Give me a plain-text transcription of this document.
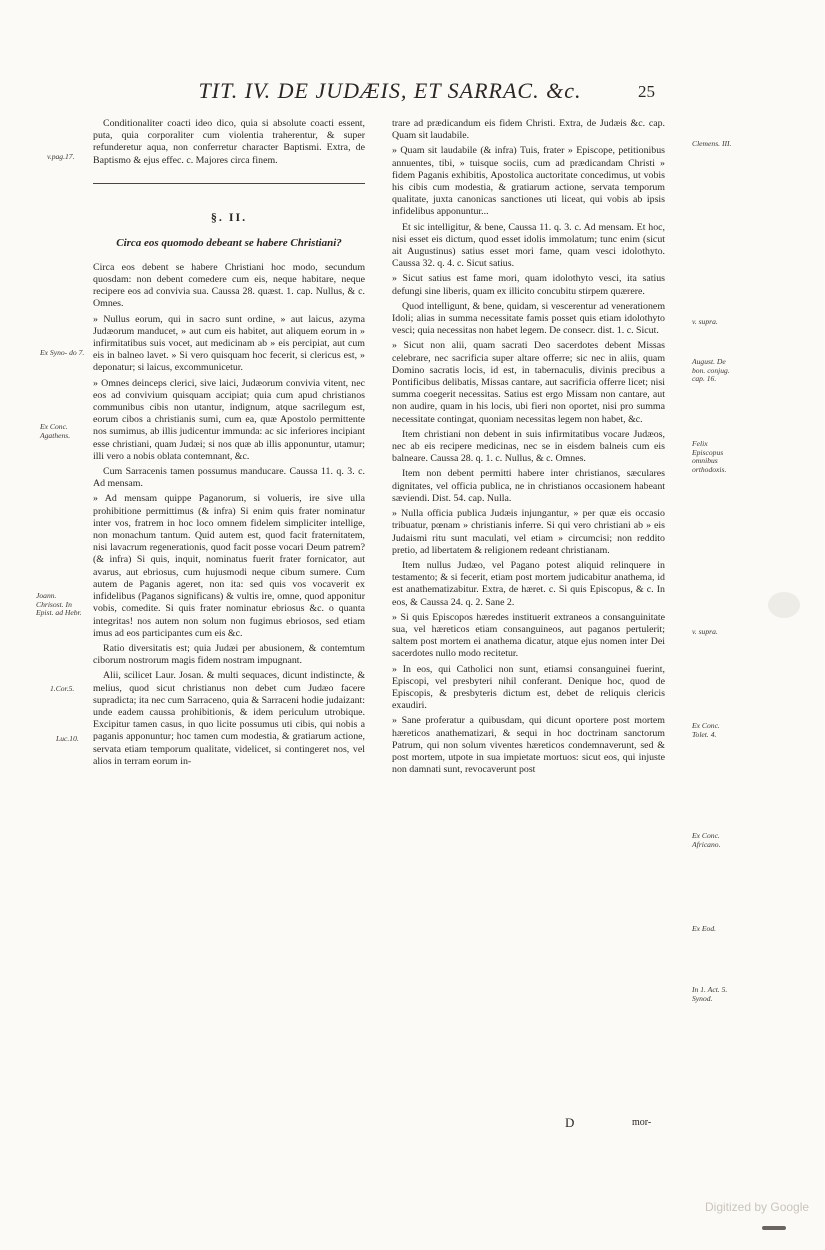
TIT. IV. DE JUDÆIS, ET SARRAC. &c.	25

Conditionaliter coacti ideo dico, quia si absolute coacti essent, puta, quia corporaliter cum violentia traherentur, & super refunderetur aqua, non conferretur character Baptismi. Extra, de Baptismo & ejus effec. c. Majores circa finem.

§. II.
Circa eos quomodo debeant se habere Christiani?

Circa eos debent se habere Christiani hoc modo, secundum quosdam: non debent comedere cum eis, neque habitare, neque recipere eos ad convivia sua. Caussa 28. quæst. 1. cap. Nullus, & c. Omnes.

» Nullus eorum, qui in sacro sunt ordine, » aut laicus, azyma Judæorum manducet, » aut cum eis habitet, aut aliquem eorum in » infirmitatibus suis vocet, aut medicinam ab » eis percipiat, aut cum eis in balneo lavet. » Si vero quisquam hoc fecerit, si clericus est, » deponatur; si laicus, excommunicetur.

» Omnes deinceps clerici, sive laici, Judæorum convivia vitent, nec eos ad convivium quisquam accipiat; quia cum apud christianos communibus cibis non utantur, indignum, atque sacrilegum est, eorum cibos a christianis sumi, cum ea, quæ Apostolo permittente nos sumimus, ab illis judicentur immunda: ac sic inferiores incipiant esse christiani, quam Judæi; si nos quæ ab illis apponuntur, utamur; illi vero a nobis oblata contemnant, &c.

Cum Sarracenis tamen possumus manducare. Caussa 11. q. 3. c. Ad mensam.

» Ad mensam quippe Paganorum, si volueris, ire sive ulla prohibitione permittimus (& infra) Si enim quis frater nominatur inter vos, fratrem in hoc loco omnem fidelem simpliciter intellige, non monachum tantum. Quid autem est, quod facit fraternitatem, nisi lavacrum regenerationis, quod facit posse vocari Deum patrem? (& infra) Si quis, inquit, nominatus fuerit frater fornicator, aut avarus, aut ebriosus, cum hujusmodi neque cibum sumere. Cum autem de Paganis ageret, non ita: sed quis vos vocaverit ex infidelibus (Paganos significans) & vultis ire, omne, quod apponitur vobis, comedite. Si quis frater nominatur ebriosus &c. o quanta integritas! nos autem non solum non fugimus ebriosos, sed etiam imus ad eos participantes cum eis &c.

Ratio diversitatis est; quia Judæi per abusionem, & contemtum ciborum nostrorum magis fidem nostram impugnant.

Alii, scilicet Laur. Josan. & multi sequaces, dicunt indistincte, & melius, quod sicut christianus non debet cum Judæo facere supradicta; ita nec cum Sarraceno, quia & Sarraceni hodie judaizant: unde eadem caussa prohibitionis, & idem periculum utrobique. Excipitur tamen casus, in quo licite possumus uti cibis, qui nobis a paganis apponuntur; hoc tamen cum modestia, & gratiarum actione, servata etiam temporum qualitate, videlicet, si contingeret nos, vel alios in terram eorum in-

v.pag.17.
Ex Syno- do 7.
Ex Conc. Agathens.
Joann. Chrisost. In Epist. ad Hebr.
1.Cor.5.
Luc.10.

trare ad prædicandum eis fidem Christi. Extra, de Judæis &c. cap. Quam sit laudabile.

» Quam sit laudabile (& infra) Tuis, frater » Episcope, petitionibus annuentes, tibi, » tuisque sociis, cum ad prædicandam Christi » fidem Paganis exhibitis, Apostolica auctoritate concedimus, ut vobis his cibis cum modestia, & gratiarum actione, servata temporum qualitate, juxta canonicas sanctiones uti liceat, qui vobis ab ipsis infidelibus apponuntur...

Et sic intelligitur, & bene, Caussa 11. q. 3. c. Ad mensam. Et hoc, nisi esset eis dictum, quod esset idolis immolatum; tunc enim (sicut ait Augustinus) satius esset mori fame, quam vesci idolothyto. Caussa 32. q. 4. c. Sicut satius.

» Sicut satius est fame mori, quam idolothyto vesci, ita satius defungi sine liberis, quam ex illicito concubitu stirpem quærere.

Quod intelligunt, & bene, quidam, si vescerentur ad venerationem Idoli; alias in summa necessitate famis posset quis etiam idolothyto vesci; quia necessitas non habet legem. De consecr. dist. 1. c. Sicut.

» Sicut non alii, quam sacrati Deo sacerdotes debent Missas celebrare, nec sacrificia super altare offerre; sic nec in aliis, quam Domino sacratis locis, id est, in tabernaculis, divinis precibus a Pontificibus delibatis, Missas cantare, aut sacrificia offerre licet; nisi summa coegerit necessitas. Satius est ergo Missam non cantare, aut non audire, quam in his locis, ubi fieri non oportet, nisi pro summa necessitate contingat, quoniam necessitas legem non habet, &c.

Item christiani non debent in suis infirmitatibus vocare Judæos, nec ab eis recipere medicinas, nec se in eisdem balneis cum eis balneare. Caussa 28. q. 1. c. Nullus, & c. Omnes.

Item non debent permitti habere inter christianos, sæculares dignitates, vel officia publica, ne in christianos occasionem habeant sæviendi. Dist. 54. cap. Nulla.

» Nulla officia publica Judæis injungantur, » per quæ eis occasio tribuatur, pœnam » christianis inferre. Si qui vero christiani ab » eis Judaismi ritu sunt maculati, vel etiam » circumcisi; non reddito pretio, ad libertatem & religionem redeant christianam.

Item nullus Judæo, vel Pagano potest aliquid relinquere in testamento; & si fecerit, etiam post mortem judicabitur anathema, id est anathematizabitur. Extra, de hæret. c. Si quis Episcopus, & c. In eos, & Caussa 24. q. 2. Sane 2.

» Si quis Episcopos hæredes instituerit extraneos a consanguinitate sua, vel hæreticos etiam consanguineos, aut paganos pertulerit; saltem post mortem ei anathema dicatur, atque ejus nomen inter Dei sacerdotes nullo modo recitetur.

» In eos, qui Catholici non sunt, etiamsi consanguinei fuerint, Episcopi, vel presbyteri nihil conferant. Denique hoc, quod de Episcopis, & presbyteris dictum est, debet de reliquis clericis exaudiri.

» Sane proferatur a quibusdam, qui dicunt oportere post mortem hæreticos anathematizari, & sequi in hoc doctrinam sanctorum Patrum, qui non solum viventes hæreticos condemnaverunt, sed & post mortem, utpote in sua impietate mortuos: sicut eos, qui injuste non damnati sunt, revocaverunt post

Clemens. III.
v. supra.
August. De bon. conjug. cap. 16.
Felix Episcopus omnibus orthodoxis.
v. supra.
Ex Conc. Tolet. 4.
Ex Conc. Africano.
Ex Eod.
In 1. Act. 5. Synod.
D	mor-
Digitized by Google
